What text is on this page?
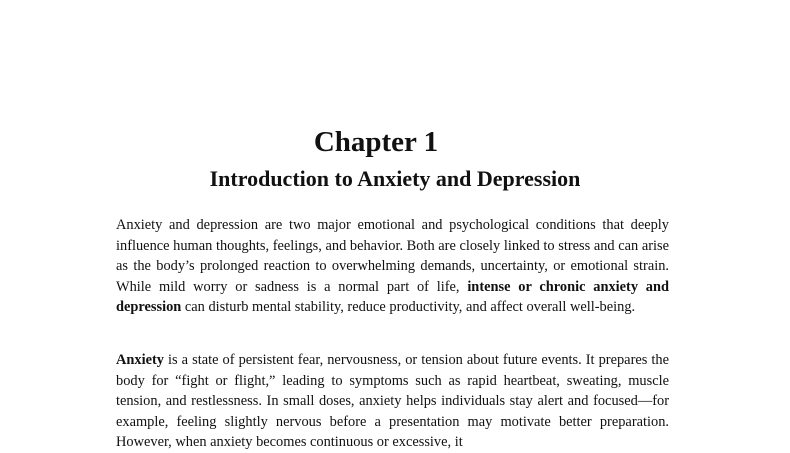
Chapter 1
Introduction to Anxiety and Depression

Anxiety and depression are two major emotional and psychological conditions that deeply influence human thoughts, feelings, and behavior. Both are closely linked to stress and can arise as the body’s prolonged reaction to overwhelming demands, uncertainty, or emotional strain. While mild worry or sadness is a normal part of life, intense or chronic anxiety and depression can disturb mental stability, reduce productivity, and affect overall well-being.

Anxiety is a state of persistent fear, nervousness, or tension about future events. It prepares the body for “fight or flight,” leading to symptoms such as rapid heartbeat, sweating, muscle tension, and restlessness. In small doses, anxiety helps individuals stay alert and focused—for example, feeling slightly nervous before a presentation may motivate better preparation. However, when anxiety becomes continuous or excessive, it
